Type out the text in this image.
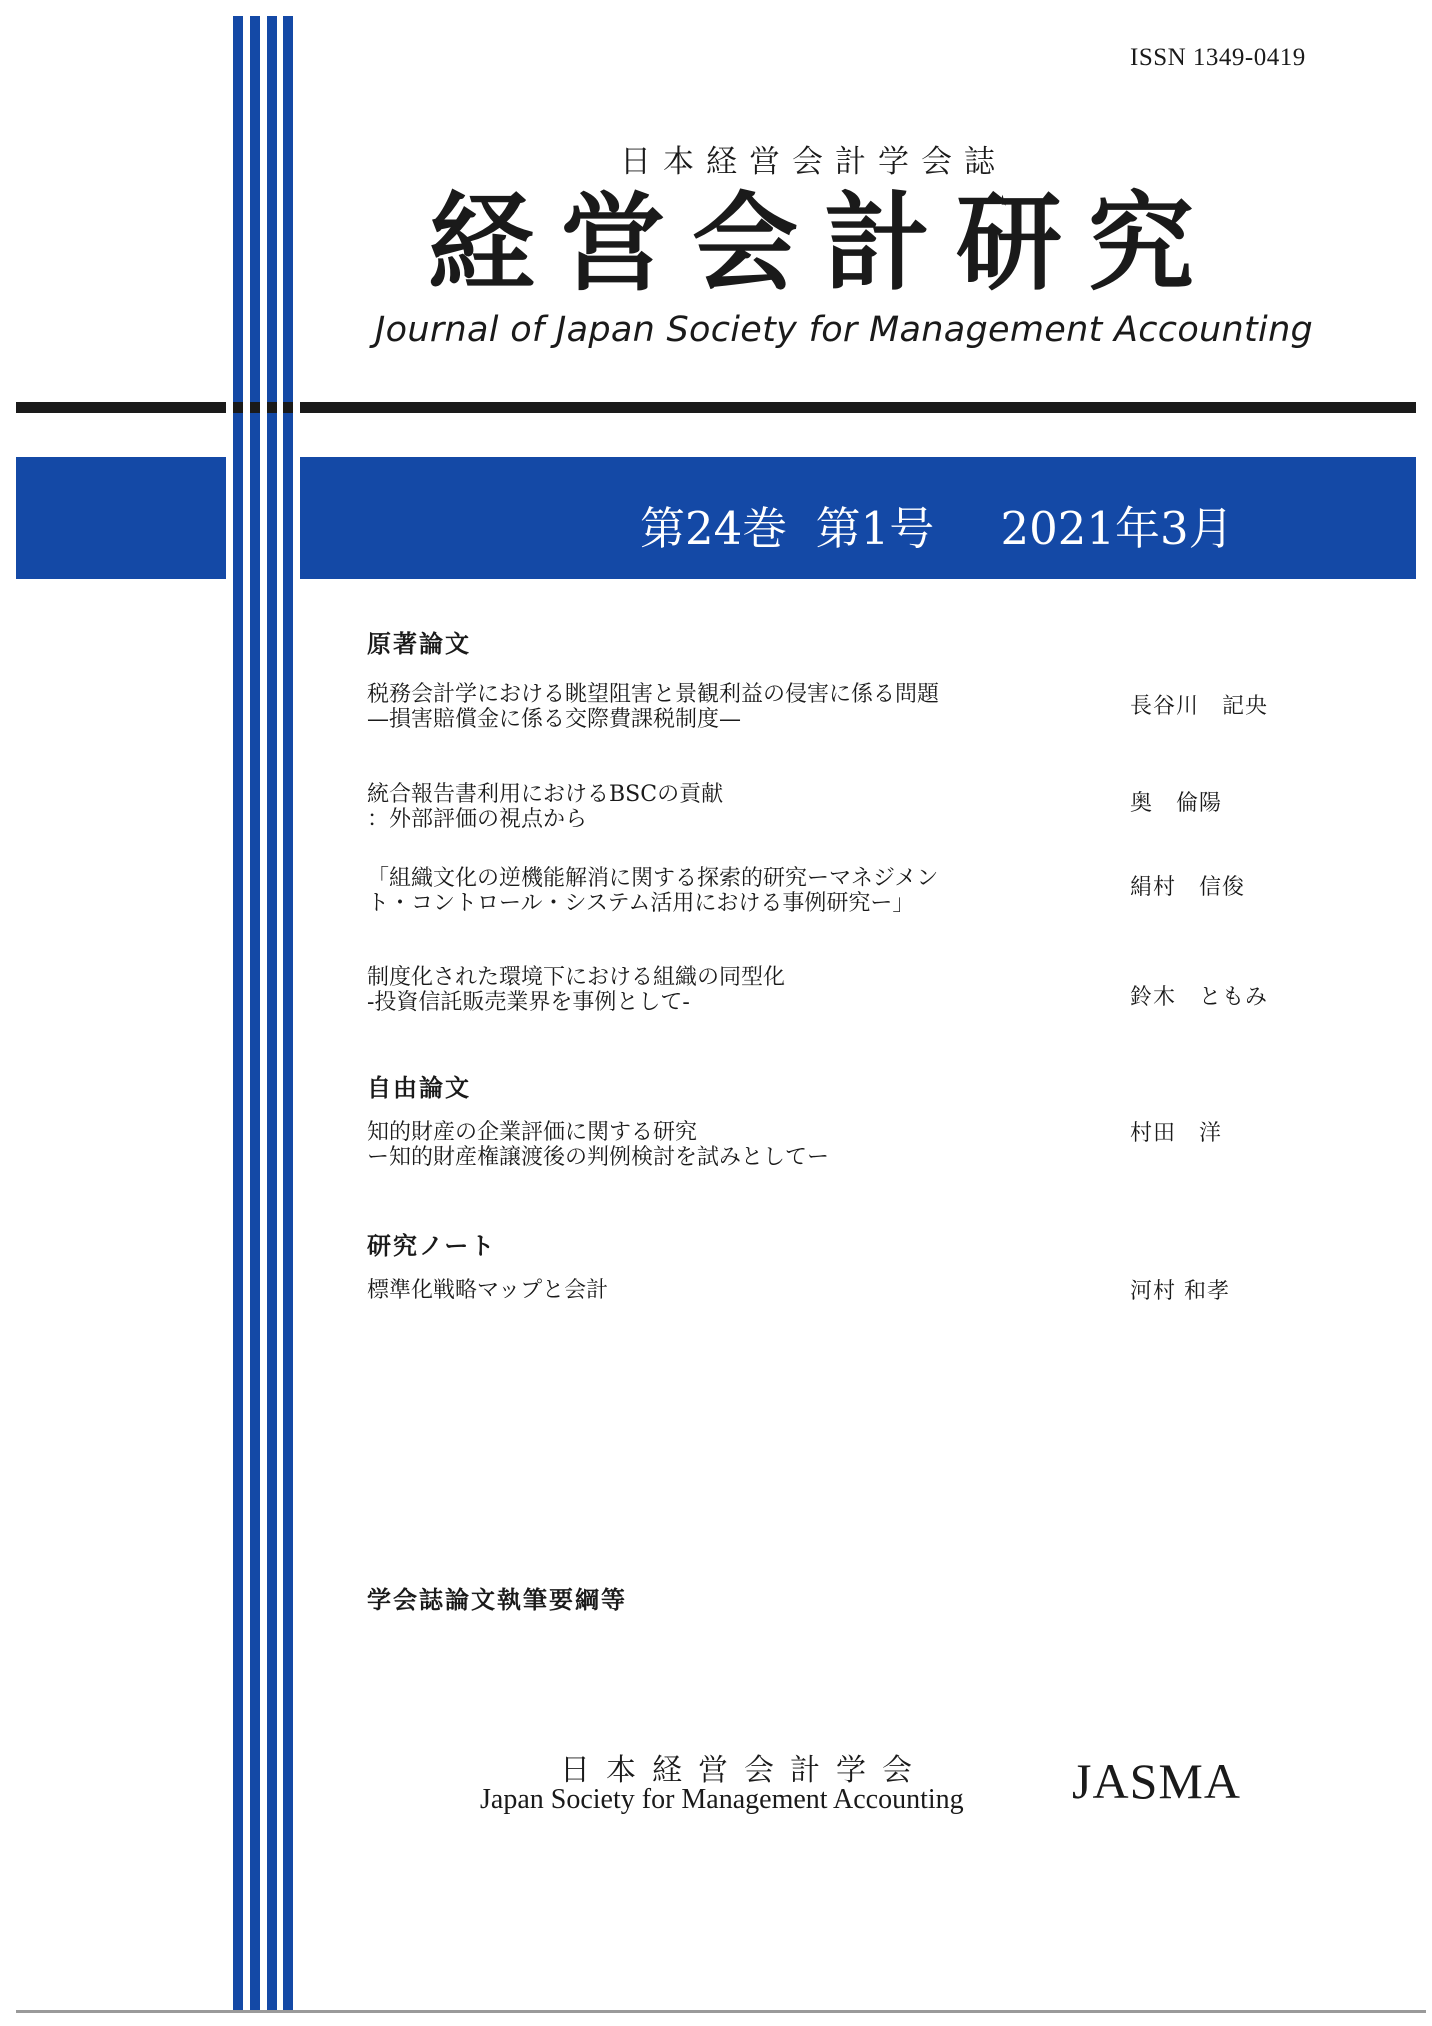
ISSN 1349-0419
日本経営会計学会誌
経営会計研究
Journal of Japan Society for Management Accounting
第24巻 第1号 2021年3月
原著論文
税務会計学における眺望阻害と景観利益の侵害に係る問題
—損害賠償金に係る交際費課税制度—
長谷川　記央
統合報告書利用におけるBSCの貢献
：外部評価の視点から
奥　倫陽
「組織文化の逆機能解消に関する探索的研究ーマネジメン
ト・コントロール・システム活用における事例研究ー」
絹村　信俊
制度化された環境下における組織の同型化
-投資信託販売業界を事例として-	鈴木　ともみ
自由論文
知的財産の企業評価に関する研究
ー知的財産権譲渡後の判例検討を試みとしてー
村田　洋
研究ノート
標準化戦略マップと会計	河村 和孝
学会誌論文執筆要綱等
日本経営会計学会
Japan Society for Management Accounting JASMA
